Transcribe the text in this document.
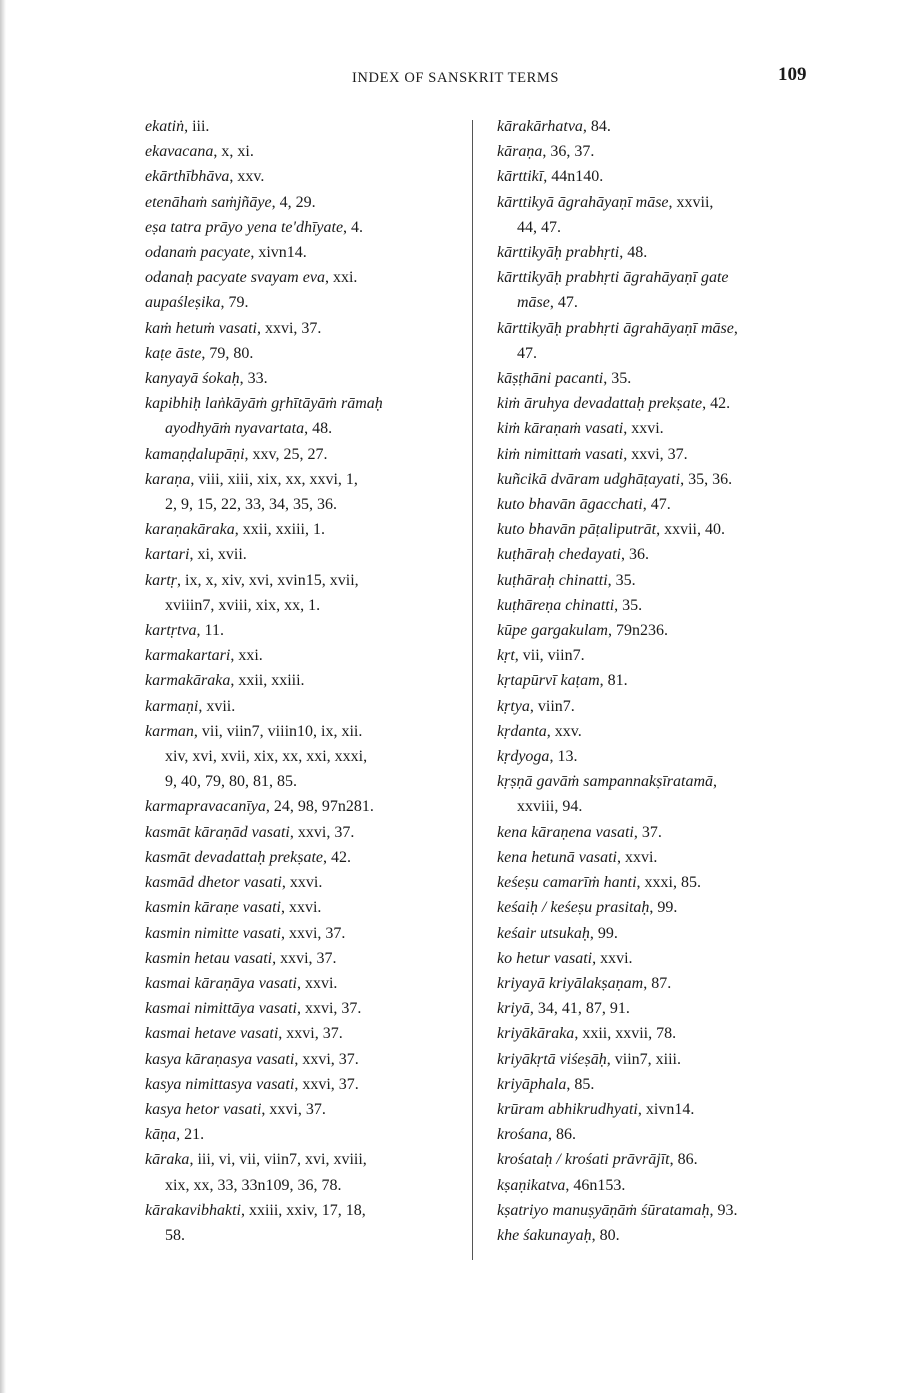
INDEX OF SANSKRIT TERMS	109
ekatiṅ, iii.
ekavacana, x, xi.
ekārthībhāva, xxv.
etenāhaṁ saṁjñāye, 4, 29.
eṣa tatra prāyo yena te'dhīyate, 4.
odanaṁ pacyate, xivn14.
odanaḥ pacyate svayam eva, xxi.
aupaśleṣika, 79.
kaṁ hetuṁ vasati, xxvi, 37.
kaṭe āste, 79, 80.
kanyayā śokaḥ, 33.
kapibhiḥ laṅkāyāṁ gṛhītāyāṁ rāmaḥ
ayodhyāṁ nyavartata, 48.
kamaṇḍalupāṇi, xxv, 25, 27.
karaṇa, viii, xiii, xix, xx, xxvi, 1,
2, 9, 15, 22, 33, 34, 35, 36.
karaṇakāraka, xxii, xxiii, 1.
kartari, xi, xvii.
kartṛ, ix, x, xiv, xvi, xvin15, xvii,
xviiin7, xviii, xix, xx, 1.
kartṛtva, 11.
karmakartari, xxi.
karmakāraka, xxii, xxiii.
karmaṇi, xvii.
karman, vii, viin7, viiin10, ix, xii.
xiv, xvi, xvii, xix, xx, xxi, xxxi,
9, 40, 79, 80, 81, 85.
karmapravacanīya, 24, 98, 97n281.
kasmāt kāraṇād vasati, xxvi, 37.
kasmāt devadattaḥ prekṣate, 42.
kasmād dhetor vasati, xxvi.
kasmin kāraṇe vasati, xxvi.
kasmin nimitte vasati, xxvi, 37.
kasmin hetau vasati, xxvi, 37.
kasmai kāraṇāya vasati, xxvi.
kasmai nimittāya vasati, xxvi, 37.
kasmai hetave vasati, xxvi, 37.
kasya kāraṇasya vasati, xxvi, 37.
kasya nimittasya vasati, xxvi, 37.
kasya hetor vasati, xxvi, 37.
kāṇa, 21.
kāraka, iii, vi, vii, viin7, xvi, xviii,
xix, xx, 33, 33n109, 36, 78.
kārakavibhakti, xxiii, xxiv, 17, 18,
58.
kārakārhatva, 84.
kāraṇa, 36, 37.
kārttikī, 44n140.
kārttikyā āgrahāyaṇī māse, xxvii,
44, 47.
kārttikyāḥ prabhṛti, 48.
kārttikyāḥ prabhṛti āgrahāyaṇī gate
māse, 47.
kārttikyāḥ prabhṛti āgrahāyaṇī māse,
47.
kāṣṭhāni pacanti, 35.
kiṁ āruhya devadattaḥ prekṣate, 42.
kiṁ kāraṇaṁ vasati, xxvi.
kiṁ nimittaṁ vasati, xxvi, 37.
kuñcikā dvāram udghāṭayati, 35, 36.
kuto bhavān āgacchati, 47.
kuto bhavān pāṭaliputrāt, xxvii, 40.
kuṭhāraḥ chedayati, 36.
kuṭhāraḥ chinatti, 35.
kuṭhāreṇa chinatti, 35.
kūpe gargakulam, 79n236.
kṛt, vii, viin7.
kṛtapūrvī kaṭam, 81.
kṛtya, viin7.
kṛdanta, xxv.
kṛdyoga, 13.
kṛṣṇā gavāṁ sampannakṣīratamā,
xxviii, 94.
kena kāraṇena vasati, 37.
kena hetunā vasati, xxvi.
keśeṣu camarīṁ hanti, xxxi, 85.
keśaiḥ / keśeṣu prasitaḥ, 99.
keśair utsukaḥ, 99.
ko hetur vasati, xxvi.
kriyayā kriyālakṣaṇam, 87.
kriyā, 34, 41, 87, 91.
kriyākāraka, xxii, xxvii, 78.
kriyākṛtā viśeṣāḥ, viin7, xiii.
kriyāphala, 85.
krūram abhikrudhyati, xivn14.
krośana, 86.
krośataḥ / krośati prāvrājīt, 86.
kṣaṇikatva, 46n153.
kṣatriyo manuṣyāṇāṁ śūratamaḥ, 93.
khe śakunayaḥ, 80.
